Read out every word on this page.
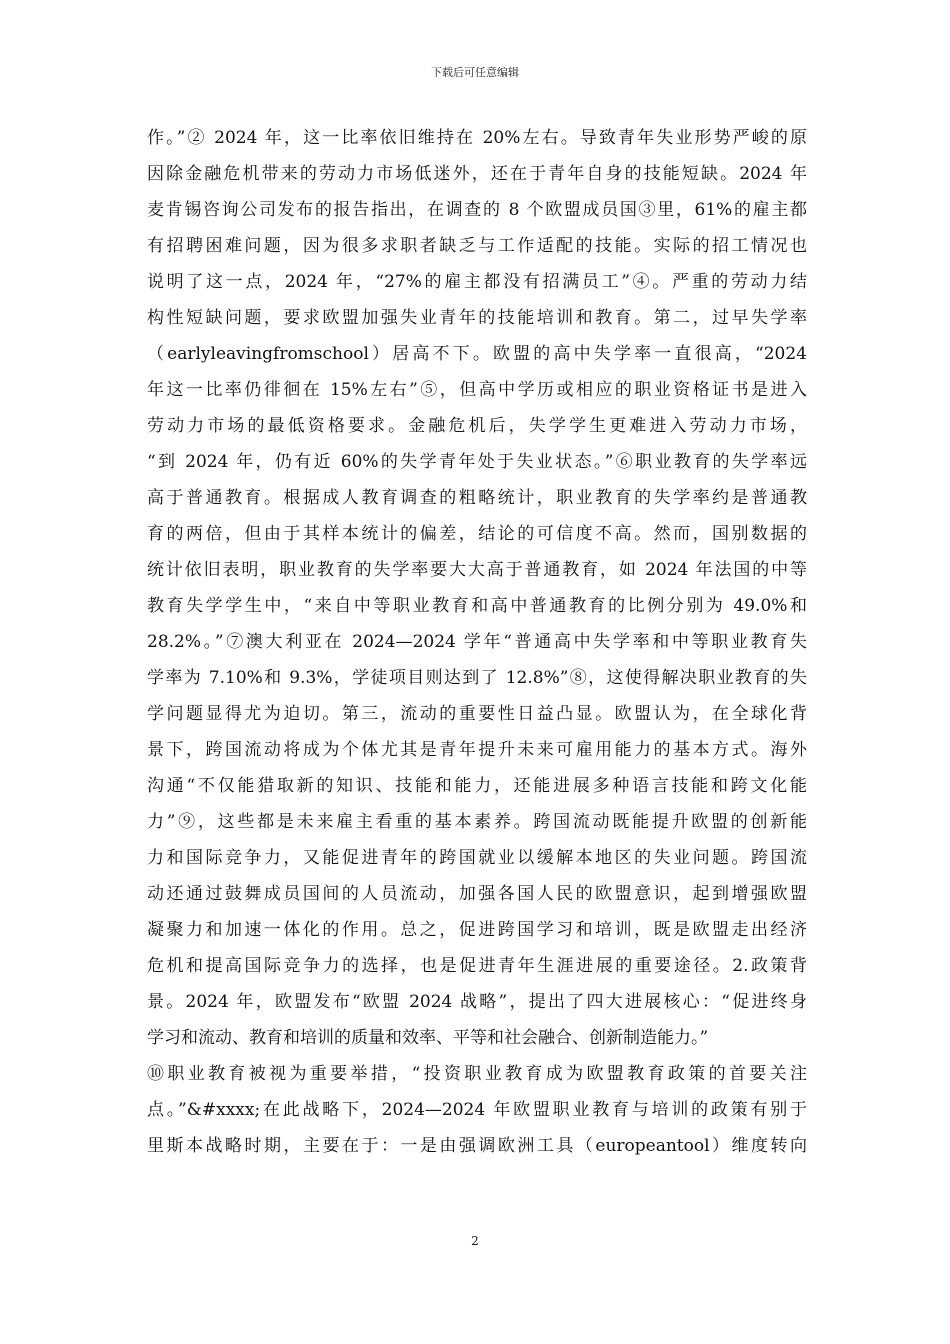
下载后可任意编辑
作。”② 2024 年，这一比率依旧维持在 20%左右。导致青年失业形势严峻的原
因除金融危机带来的劳动力市场低迷外，还在于青年自身的技能短缺。2024 年
麦肯锡咨询公司发布的报告指出，在调查的 8 个欧盟成员国③里，61%的雇主都
有招聘困难问题，因为很多求职者缺乏与工作适配的技能。实际的招工情况也
说明了这一点，2024 年，“27%的雇主都没有招满员工”④。严重的劳动力结
构性短缺问题，要求欧盟加强失业青年的技能培训和教育。第二，过早失学率
（earlyleavingfromschool）居高不下。欧盟的高中失学率一直很高，“2024
年这一比率仍徘徊在 15%左右”⑤，但高中学历或相应的职业资格证书是进入
劳动力市场的最低资格要求。金融危机后，失学学生更难进入劳动力市场，
“到 2024 年，仍有近 60%的失学青年处于失业状态。”⑥职业教育的失学率远
高于普通教育。根据成人教育调查的粗略统计，职业教育的失学率约是普通教
育的两倍，但由于其样本统计的偏差，结论的可信度不高。然而，国别数据的
统计依旧表明，职业教育的失学率要大大高于普通教育，如 2024 年法国的中等
教育失学学生中，“来自中等职业教育和高中普通教育的比例分别为 49.0%和
28.2%。”⑦澳大利亚在 2024—2024 学年“普通高中失学率和中等职业教育失
学率为 7.10%和 9.3%，学徒项目则达到了 12.8%”⑧，这使得解决职业教育的失
学问题显得尤为迫切。第三，流动的重要性日益凸显。欧盟认为，在全球化背
景下，跨国流动将成为个体尤其是青年提升未来可雇用能力的基本方式。海外
沟通“不仅能猎取新的知识、技能和能力，还能进展多种语言技能和跨文化能
力”⑨，这些都是未来雇主看重的基本素养。跨国流动既能提升欧盟的创新能
力和国际竞争力，又能促进青年的跨国就业以缓解本地区的失业问题。跨国流
动还通过鼓舞成员国间的人员流动，加强各国人民的欧盟意识，起到增强欧盟
凝聚力和加速一体化的作用。总之，促进跨国学习和培训，既是欧盟走出经济
危机和提高国际竞争力的选择，也是促进青年生涯进展的重要途径。2.政策背
景。2024 年，欧盟发布“欧盟 2024 战略”，提出了四大进展核心：“促进终身
学习和流动、教育和培训的质量和效率、平等和社会融合、创新制造能力。”
⑩职业教育被视为重要举措，“投资职业教育成为欧盟教育政策的首要关注
点。”&#xxxx;在此战略下，2024—2024 年欧盟职业教育与培训的政策有别于
里斯本战略时期，主要在于：一是由强调欧洲工具（europeantool）维度转向
2
